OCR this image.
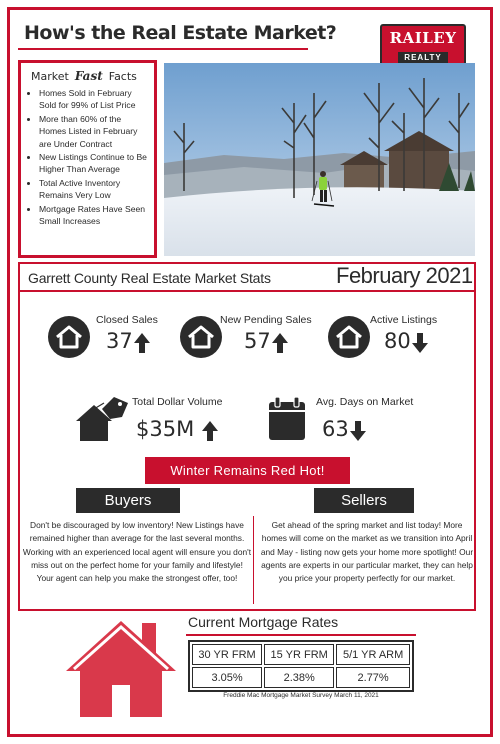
How's the Real Estate Market?	RAILEY
REALTY
Market Fast Facts
• Homes Sold in February Sold for 99% of List Price
• More than 60% of the Homes Listed in February are Under Contract
• New Listings Continue to Be Higher Than Average
• Total Active Inventory Remains Very Low
• Mortgage Rates Have Seen Small Increases
Garrett County Real Estate Market Stats	February 2021
Closed Sales
37
New Pending Sales
57
Active Listings
80
Total Dollar Volume
$35M
Avg. Days on Market
63
Winter Remains Red Hot!
Buyers	Sellers
Don't be discouraged by low inventory! New Listings have remained higher than average for the last several months. Working with an experienced local agent will ensure you don't miss out on the perfect home for your family and lifestyle! Your agent can help you make the strongest offer, too!
Get ahead of the spring market and list today! More homes will come on the market as we transition into April and May - listing now gets your home more spotlight! Our agents are experts in our particular market, they can help you price your property perfectly for our market.
Current Mortgage Rates
30 YR FRM	15 YR FRM	5/1 YR ARM
3.05%	2.38%	2.77%
Freddie Mac Mortgage Market Survey March 11, 2021
